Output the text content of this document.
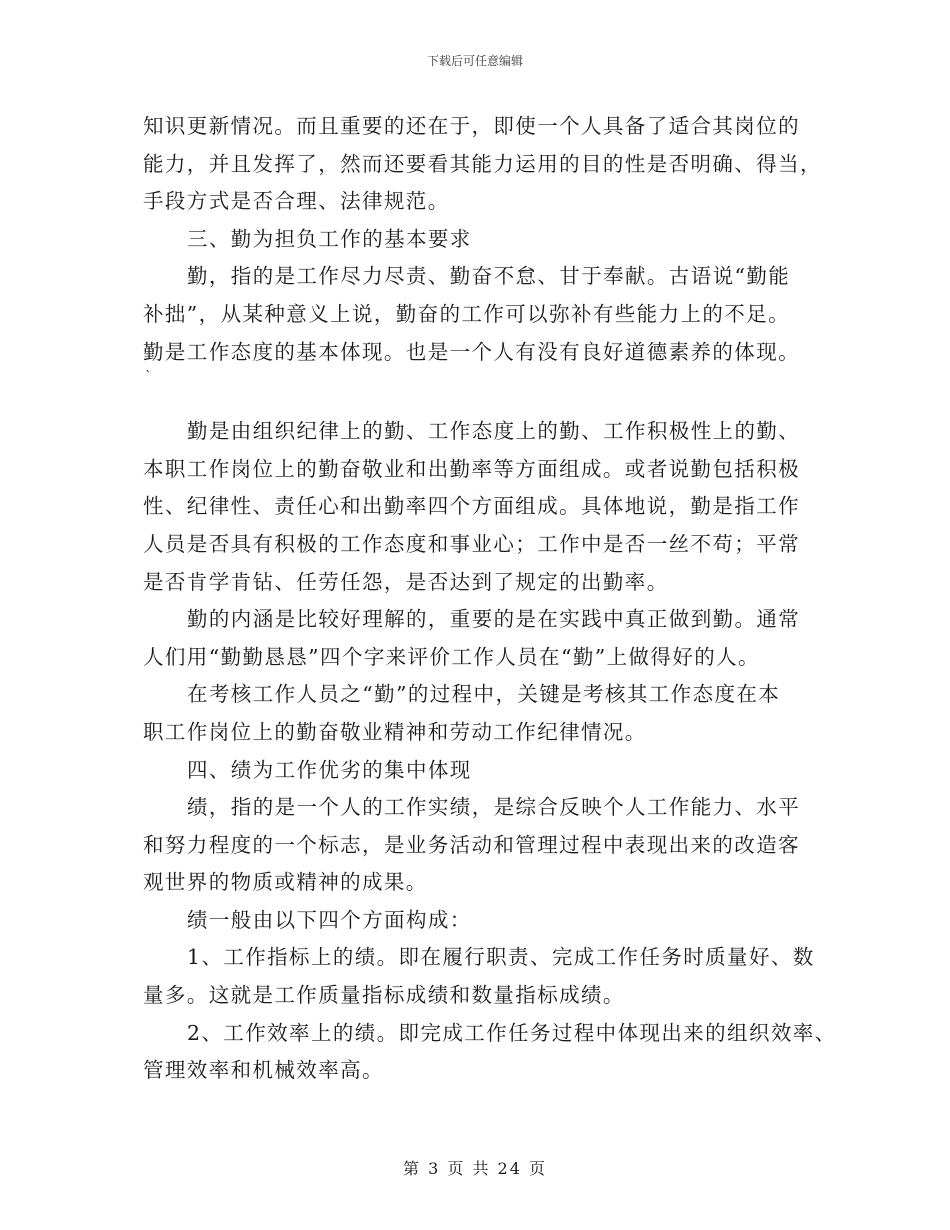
下载后可任意编辑
知识更新情况。而且重要的还在于，即使一个人具备了适合其岗位的
能力，并且发挥了，然而还要看其能力运用的目的性是否明确、得当，
手段方式是否合理、法律规范。
三、勤为担负工作的基本要求
勤，指的是工作尽力尽责、勤奋不怠、甘于奉献。古语说“勤能
补拙”，从某种意义上说，勤奋的工作可以弥补有些能力上的不足。
勤是工作态度的基本体现。也是一个人有没有良好道德素养的体现。
`
勤是由组织纪律上的勤、工作态度上的勤、工作积极性上的勤、
本职工作岗位上的勤奋敬业和出勤率等方面组成。或者说勤包括积极
性、纪律性、责任心和出勤率四个方面组成。具体地说，勤是指工作
人员是否具有积极的工作态度和事业心；工作中是否一丝不苟；平常
是否肯学肯钻、任劳任怨，是否达到了规定的出勤率。
勤的内涵是比较好理解的，重要的是在实践中真正做到勤。通常
人们用“勤勤恳恳”四个字来评价工作人员在“勤”上做得好的人。
在考核工作人员之“勤”的过程中，关键是考核其工作态度在本
职工作岗位上的勤奋敬业精神和劳动工作纪律情况。
四、绩为工作优劣的集中体现
绩，指的是一个人的工作实绩，是综合反映个人工作能力、水平
和努力程度的一个标志，是业务活动和管理过程中表现出来的改造客
观世界的物质或精神的成果。
绩一般由以下四个方面构成：
1、工作指标上的绩。即在履行职责、完成工作任务时质量好、数
量多。这就是工作质量指标成绩和数量指标成绩。
2、工作效率上的绩。即完成工作任务过程中体现出来的组织效率、
管理效率和机械效率高。
第 3 页 共 24 页
